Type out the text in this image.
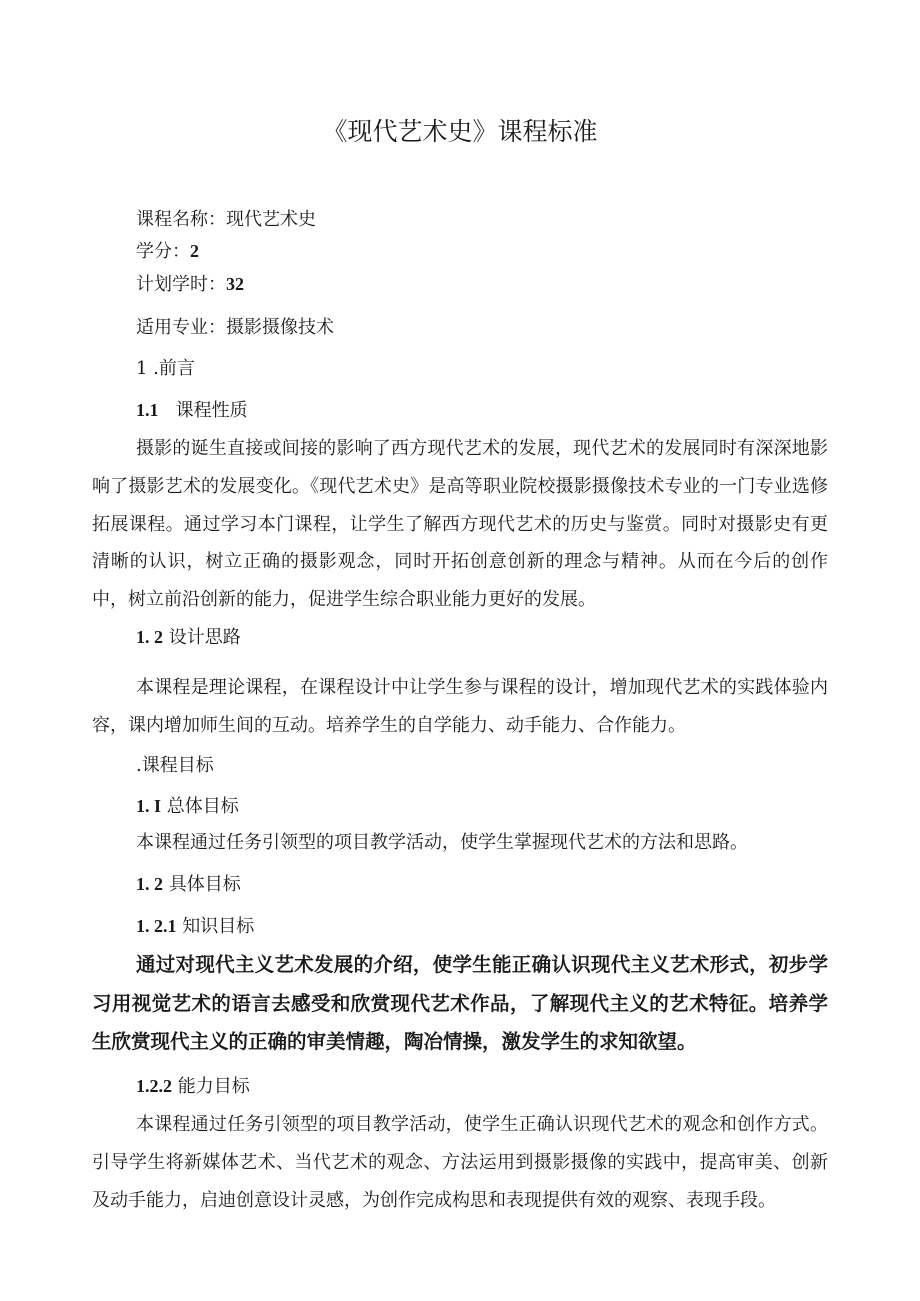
《现代艺术史》课程标准
课程名称：现代艺术史
学分：2
计划学时：32
适用专业：摄影摄像技术
1 .前言
1.1 课程性质
摄影的诞生直接或间接的影响了西方现代艺术的发展，现代艺术的发展同时有深深地影响了摄影艺术的发展变化。《现代艺术史》是高等职业院校摄影摄像技术专业的一门专业选修拓展课程。通过学习本门课程，让学生了解西方现代艺术的历史与鉴赏。同时对摄影史有更清晰的认识，树立正确的摄影观念，同时开拓创意创新的理念与精神。从而在今后的创作中，树立前沿创新的能力，促进学生综合职业能力更好的发展。
1. 2 设计思路
本课程是理论课程，在课程设计中让学生参与课程的设计，增加现代艺术的实践体验内容，课内增加师生间的互动。培养学生的自学能力、动手能力、合作能力。
.课程目标
1. I 总体目标
本课程通过任务引领型的项目教学活动，使学生掌握现代艺术的方法和思路。
1. 2 具体目标
1. 2.1 知识目标
通过对现代主义艺术发展的介绍，使学生能正确认识现代主义艺术形式，初步学习用视觉艺术的语言去感受和欣赏现代艺术作品，了解现代主义的艺术特征。培养学生欣赏现代主义的正确的审美情趣，陶冶情操，激发学生的求知欲望。
1.2.2 能力目标
本课程通过任务引领型的项目教学活动，使学生正确认识现代艺术的观念和创作方式。引导学生将新媒体艺术、当代艺术的观念、方法运用到摄影摄像的实践中，提高审美、创新及动手能力，启迪创意设计灵感，为创作完成构思和表现提供有效的观察、表现手段。
